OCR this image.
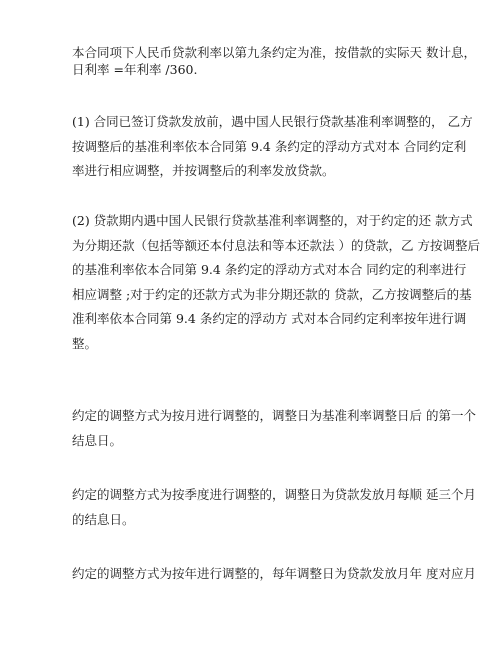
本合同项下人民币贷款利率以第九条约定为准，按借款的实际天 数计息，
日利率 =年利率 /360.
(1) 合同已签订贷款发放前，遇中国人民银行贷款基准利率调整的， 乙方
按调整后的基准利率依本合同第 9.4 条约定的浮动方式对本 合同约定利
率进行相应调整，并按调整后的利率发放贷款。
(2) 贷款期内遇中国人民银行贷款基准利率调整的，对于约定的还 款方式
为分期还款（包括等额还本付息法和等本还款法 ）的贷款，乙 方按调整后
的基准利率依本合同第 9.4 条约定的浮动方式对本合 同约定的利率进行
相应调整 ;对于约定的还款方式为非分期还款的 贷款，乙方按调整后的基
准利率依本合同第 9.4 条约定的浮动方 式对本合同约定利率按年进行调
整。
约定的调整方式为按月进行调整的，调整日为基准利率调整日后 的第一个
结息日。
约定的调整方式为按季度进行调整的，调整日为贷款发放月每顺 延三个月
的结息日。
约定的调整方式为按年进行调整的，每年调整日为贷款发放月年 度对应月
